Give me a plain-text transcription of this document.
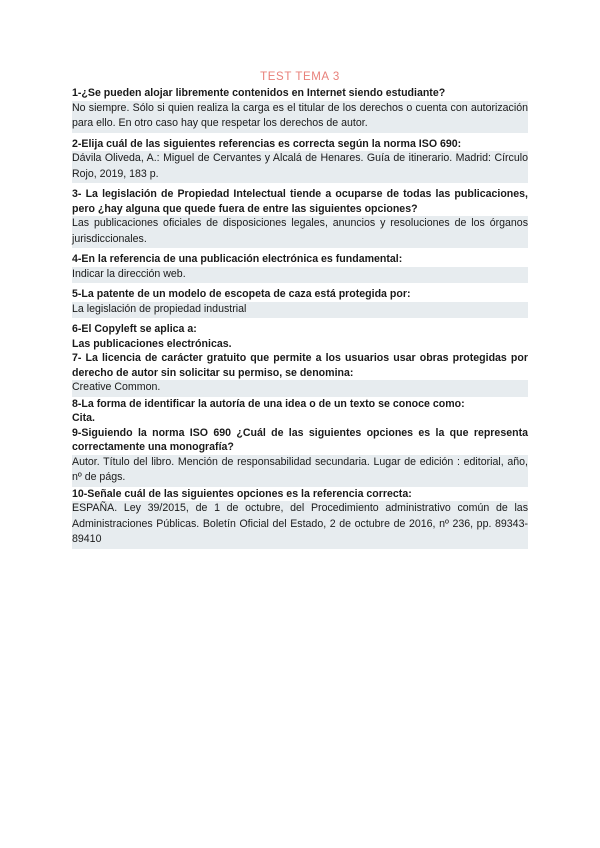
TEST TEMA 3

1-¿Se pueden alojar libremente contenidos en Internet siendo estudiante?

No siempre. Sólo si quien realiza la carga es el titular de los derechos o cuenta con autorización para ello. En otro caso hay que respetar los derechos de autor.

2-Elija cuál de las siguientes referencias es correcta según la norma ISO 690:

Dávila Oliveda, A.: Miguel de Cervantes y Alcalá de Henares. Guía de itinerario. Madrid: Círculo Rojo, 2019, 183 p.

3- La legislación de Propiedad Intelectual tiende a ocuparse de todas las publicaciones, pero ¿hay alguna que quede fuera de entre las siguientes opciones?

Las publicaciones oficiales de disposiciones legales, anuncios y resoluciones de los órganos jurisdiccionales.

4-En la referencia de una publicación electrónica es fundamental:

Indicar la dirección web.

5-La patente de un modelo de escopeta de caza está protegida por:

La legislación de propiedad industrial

6-El Copyleft se aplica a:

Las publicaciones electrónicas.

7- La licencia de carácter gratuito que permite a los usuarios usar obras protegidas por derecho de autor sin solicitar su permiso, se denomina:

Creative Common.

8-La forma de identificar la autoría de una idea o de un texto se conoce como:

Cita.

9-Siguiendo la norma ISO 690 ¿Cuál de las siguientes opciones es la que representa correctamente una monografía?

Autor. Título del libro. Mención de responsabilidad secundaria. Lugar de edición : editorial, año, nº de págs.

10-Señale cuál de las siguientes opciones es la referencia correcta:

ESPAÑA. Ley 39/2015, de 1 de octubre, del Procedimiento administrativo común de las Administraciones Públicas. Boletín Oficial del Estado, 2 de octubre de 2016, nº 236, pp. 89343-89410
